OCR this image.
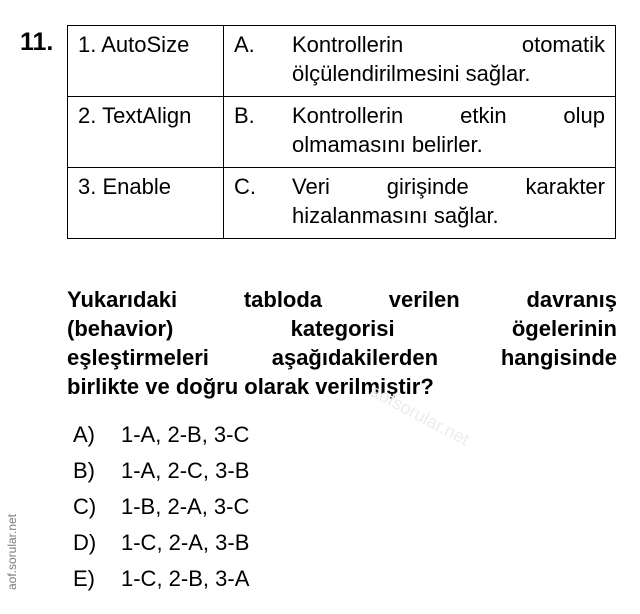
11. 1. AutoSize	A. Kontrollerin otomatik ölçülendirilmesini sağlar.

2. TextAlign	B. Kontrollerin etkin olup olmamasını belirler.

3. Enable	C. Veri girişinde karakter hizalanmasını sağlar.
Yukarıdaki tabloda verilen davranış
(behavior) kategorisi ögelerinin
eşleştirmeleri aşağıdakilerden hangisinde
birlikte ve doğru olarak verilmiştir?
A)	1-A, 2-B, 3-C
B)	1-A, 2-C, 3-B
C)	1-B, 2-A, 3-C
D)	1-C, 2-A, 3-B
E)	1-C, 2-B, 3-A
aof.sorular.net
aofsorular.net
